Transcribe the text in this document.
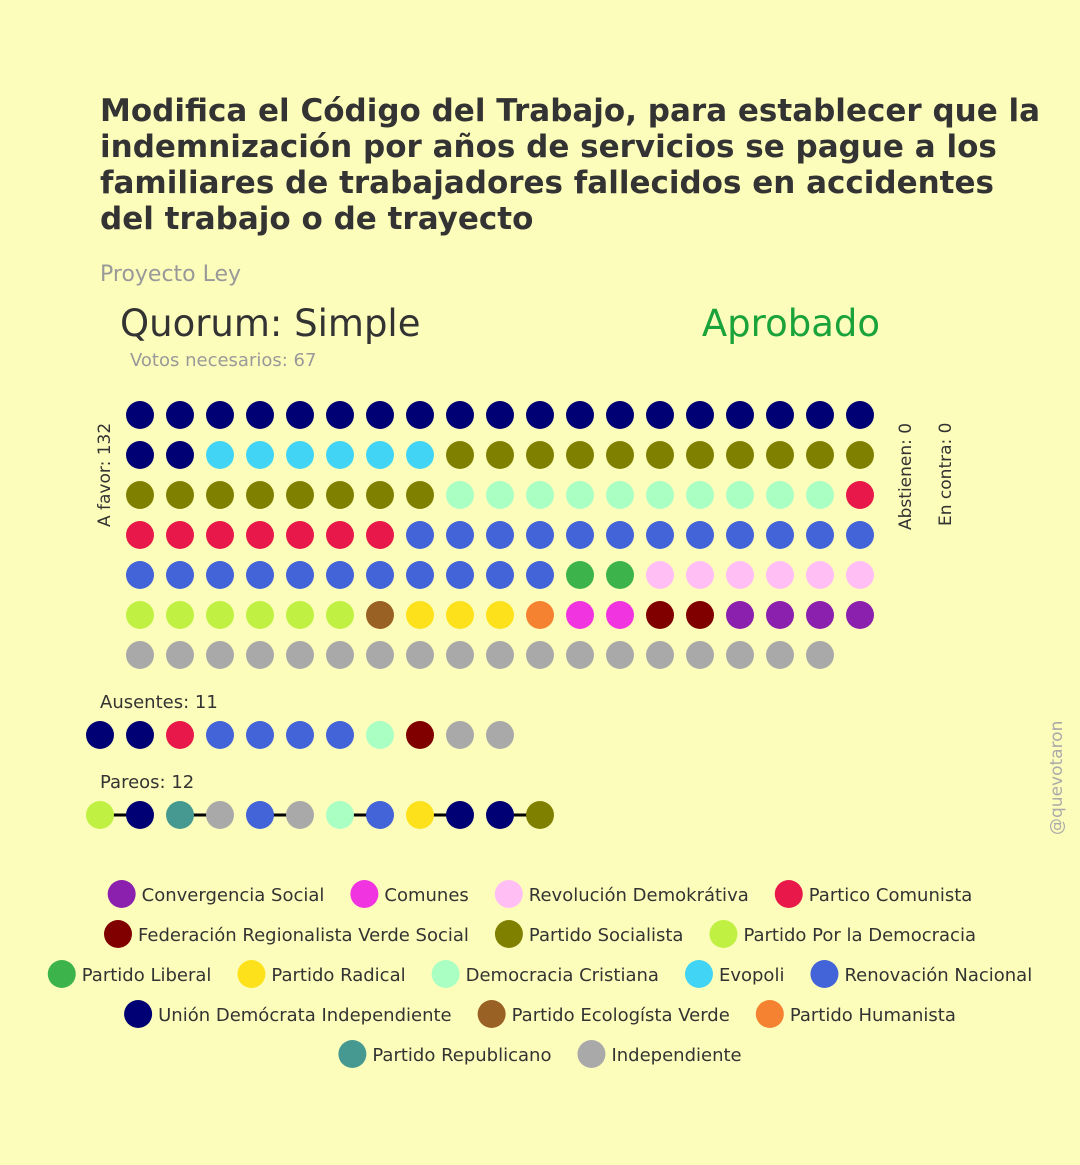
Modifica el Código del Trabajo, para establecer que la
indemnización por años de servicios se pague a los
familiares de trabajadores fallecidos en accidentes
del trabajo o de trayecto
Proyecto Ley
Quorum: Simple	Aprobado
Votos necesarios: 67
A favor: 132	Abstienen: 0 En contra: 0
Ausentes: 11
Pareos: 12	@quevotaron
Convergencia Social	Comunes	Revolución Demokrátiva	Partico Comunista
Federación Regionalista Verde Social	Partido Socialista	Partido Por la Democracia
Partido Liberal	Partido Radical	Democracia Cristiana	Evopoli	Renovación Nacional
Unión Demócrata Independiente	Partido Ecologísta Verde	Partido Humanista
Partido Republicano	Independiente
